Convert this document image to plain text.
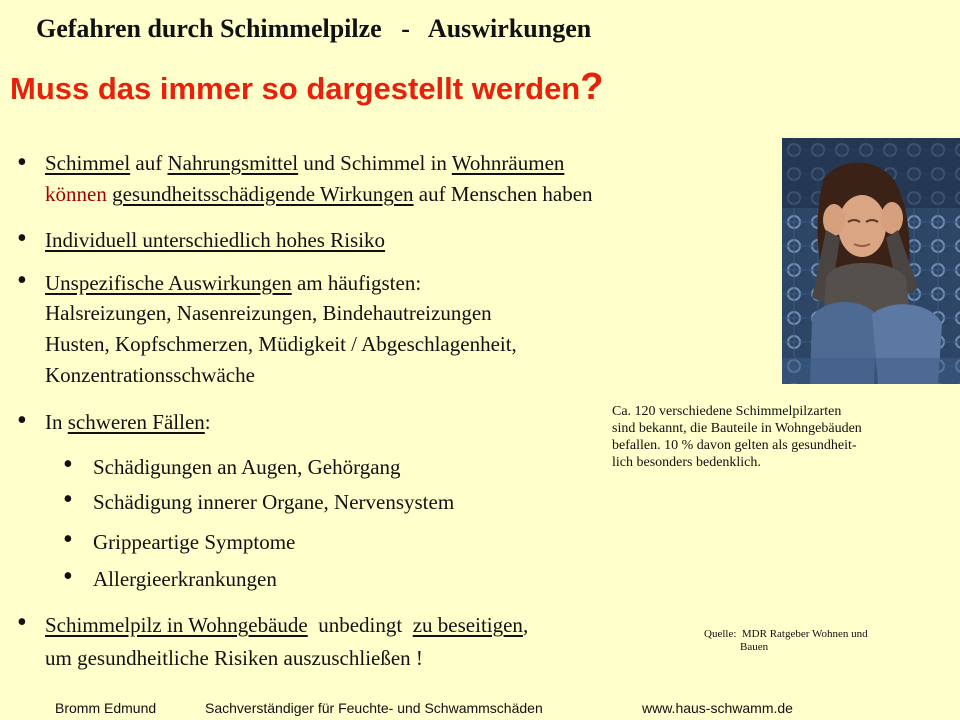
Gefahren durch Schimmelpilze   -   Auswirkungen
Muss das immer so dargestellt werden?
• Schimmel auf Nahrungsmittel und Schimmel in Wohnräumen
können gesundheitsschädigende Wirkungen auf Menschen haben
• Individuell unterschiedlich hohes Risiko
• Unspezifische Auswirkungen am häufigsten:
Halsreizungen, Nasenreizungen, Bindehautreizungen
Husten, Kopfschmerzen, Müdigkeit / Abgeschlagenheit,
Konzentrationsschwäche
• In schweren Fällen:
• Schädigungen an Augen, Gehörgang
• Schädigung innerer Organe, Nervensystem
• Grippeartige Symptome
• Allergieerkrankungen
• Schimmelpilz in Wohngebäude  unbedingt  zu beseitigen,
um gesundheitliche Risiken auszuschließen !
Ca. 120 verschiedene Schimmelpilzarten
sind bekannt, die Bauteile in Wohngebäuden
befallen. 10 % davon gelten als gesundheit-
lich besonders bedenklich.
Quelle: MDR Ratgeber Wohnen und
Bauen
Bromm Edmund	Sachverständiger für Feuchte- und Schwammschäden	www.haus-schwamm.de
